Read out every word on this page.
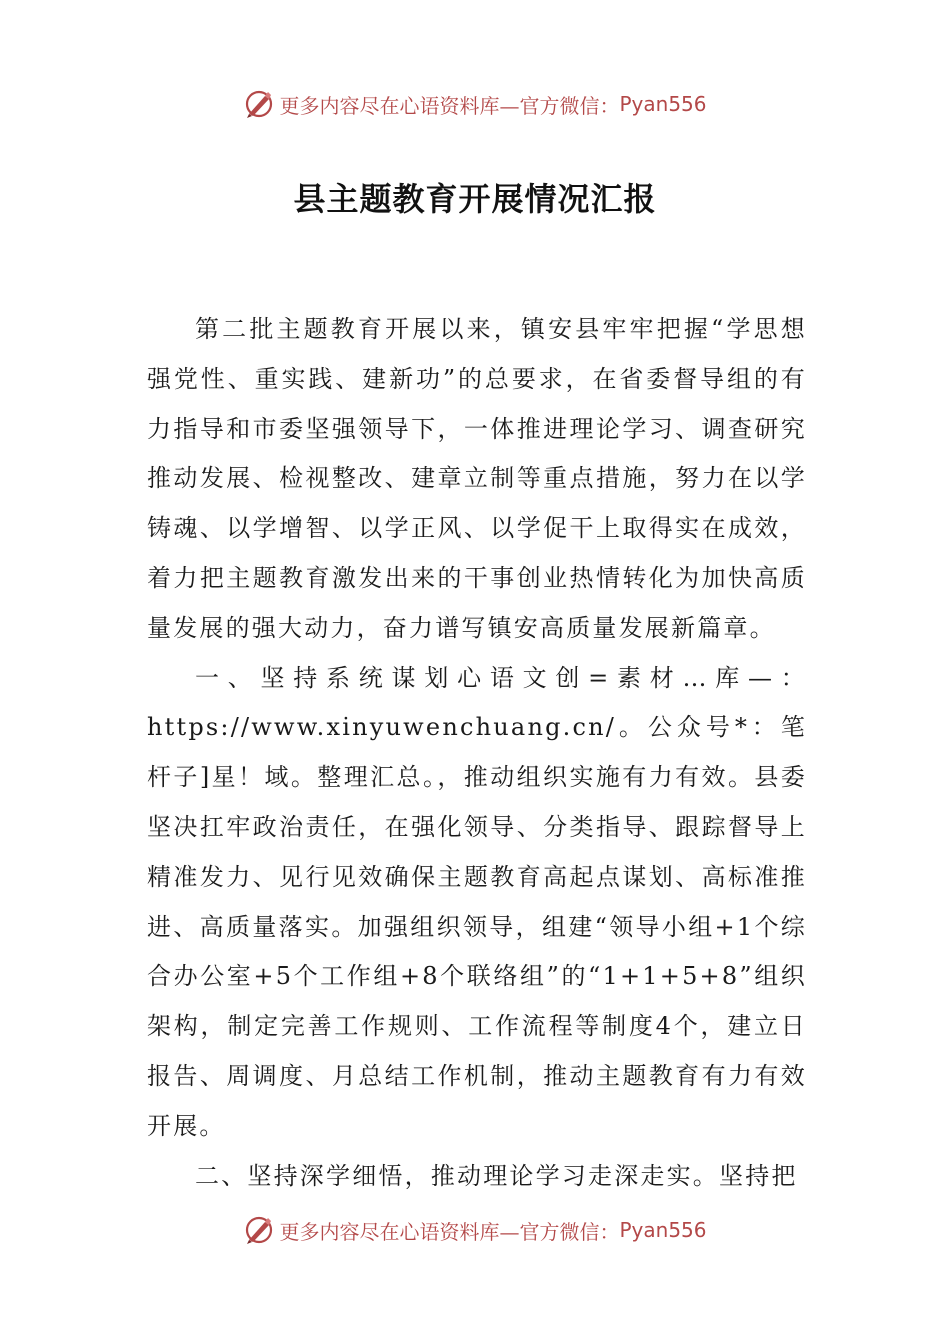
更多内容尽在心语资料库—官方微信： Pyan556
县主题教育开展情况汇报

第二批主题教育开展以来，镇安县牢牢把握“学思想强党性、重实践、建新功”的总要求，在省委督导组的有力指导和市委坚强领导下，一体推进理论学习、调查研究推动发展、检视整改、建章立制等重点措施，努力在以学铸魂、以学增智、以学正风、以学促干上取得实在成效，着力把主题教育激发出来的干事创业热情转化为加快高质量发展的强大动力，奋力谱写镇安高质量发展新篇章。

一、坚持系统谋划心语文创=素材…库—：https://www.xinyuwenchuang.cn/。公众号*：笔杆子]星！域。整理汇总。，推动组织实施有力有效。县委坚决扛牢政治责任，在强化领导、分类指导、跟踪督导上精准发力、见行见效确保主题教育高起点谋划、高标准推进、高质量落实。加强组织领导，组建“领导小组+1个综合办公室+5个工作组+8个联络组”的“1+1+5+8”组织架构，制定完善工作规则、工作流程等制度4个，建立日报告、周调度、月总结工作机制，推动主题教育有力有效开展。

二、坚持深学细悟，推动理论学习走深走实。坚持把

更多内容尽在心语资料库—官方微信： Pyan556
